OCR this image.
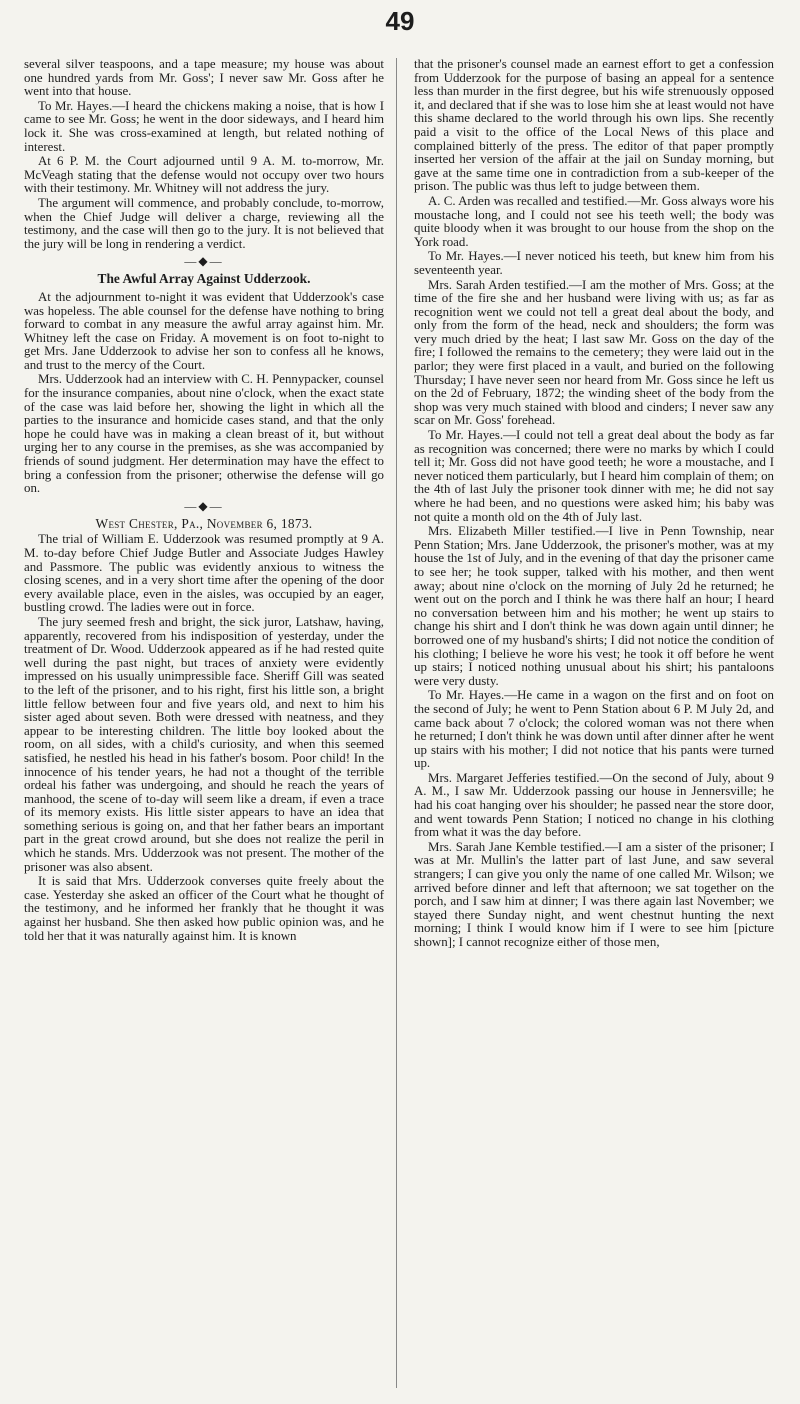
49

several silver teaspoons, and a tape measure; my house was about one hundred yards from Mr. Goss'; I never saw Mr. Goss after he went into that house.

To Mr. Hayes.—I heard the chickens making a noise, that is how I came to see Mr. Goss; he went in the door sideways, and I heard him lock it. She was cross-examined at length, but related nothing of interest.

At 6 P. M. the Court adjourned until 9 A. M. to-morrow, Mr. McVeagh stating that the defense would not occupy over two hours with their testimony. Mr. Whitney will not address the jury.

The argument will commence, and probably conclude, to-morrow, when the Chief Judge will deliver a charge, reviewing all the testimony, and the case will then go to the jury. It is not believed that the jury will be long in rendering a verdict.

—◆—
The Awful Array Against Udderzook.

At the adjournment to-night it was evident that Udderzook's case was hopeless. The able counsel for the defense have nothing to bring forward to combat in any measure the awful array against him. Mr. Whitney left the case on Friday. A movement is on foot to-night to get Mrs. Jane Udderzook to advise her son to confess all he knows, and trust to the mercy of the Court.

Mrs. Udderzook had an interview with C. H. Pennypacker, counsel for the insurance companies, about nine o'clock, when the exact state of the case was laid before her, showing the light in which all the parties to the insurance and homicide cases stand, and that the only hope he could have was in making a clean breast of it, but without urging her to any course in the premises, as she was accompanied by friends of sound judgment. Her determination may have the effect to bring a confession from the prisoner; otherwise the defense will go on.

—◆—
West Chester, Pa., November 6, 1873.

The trial of William E. Udderzook was resumed promptly at 9 A. M. to-day before Chief Judge Butler and Associate Judges Hawley and Passmore. The public was evidently anxious to witness the closing scenes, and in a very short time after the opening of the door every available place, even in the aisles, was occupied by an eager, bustling crowd. The ladies were out in force.

The jury seemed fresh and bright, the sick juror, Latshaw, having, apparently, recovered from his indisposition of yesterday, under the treatment of Dr. Wood. Udderzook appeared as if he had rested quite well during the past night, but traces of anxiety were evidently impressed on his usually unimpressible face. Sheriff Gill was seated to the left of the prisoner, and to his right, first his little son, a bright little fellow between four and five years old, and next to him his sister aged about seven. Both were dressed with neatness, and they appear to be interesting children. The little boy looked about the room, on all sides, with a child's curiosity, and when this seemed satisfied, he nestled his head in his father's bosom. Poor child! In the innocence of his tender years, he had not a thought of the terrible ordeal his father was undergoing, and should he reach the years of manhood, the scene of to-day will seem like a dream, if even a trace of its memory exists. His little sister appears to have an idea that something serious is going on, and that her father bears an important part in the great crowd around, but she does not realize the peril in which he stands. Mrs. Udderzook was not present. The mother of the prisoner was also absent.

It is said that Mrs. Udderzook converses quite freely about the case. Yesterday she asked an officer of the Court what he thought of the testimony, and he informed her frankly that he thought it was against her husband. She then asked how public opinion was, and he told her that it was naturally against him. It is known

that the prisoner's counsel made an earnest effort to get a confession from Udderzook for the purpose of basing an appeal for a sentence less than murder in the first degree, but his wife strenuously opposed it, and declared that if she was to lose him she at least would not have this shame declared to the world through his own lips. She recently paid a visit to the office of the Local News of this place and complained bitterly of the press. The editor of that paper promptly inserted her version of the affair at the jail on Sunday morning, but gave at the same time one in contradiction from a sub-keeper of the prison. The public was thus left to judge between them.

A. C. Arden was recalled and testified.—Mr. Goss always wore his moustache long, and I could not see his teeth well; the body was quite bloody when it was brought to our house from the shop on the York road.

To Mr. Hayes.—I never noticed his teeth, but knew him from his seventeenth year.

Mrs. Sarah Arden testified.—I am the mother of Mrs. Goss; at the time of the fire she and her husband were living with us; as far as recognition went we could not tell a great deal about the body, and only from the form of the head, neck and shoulders; the form was very much dried by the heat; I last saw Mr. Goss on the day of the fire; I followed the remains to the cemetery; they were laid out in the parlor; they were first placed in a vault, and buried on the following Thursday; I have never seen nor heard from Mr. Goss since he left us on the 2d of February, 1872; the winding sheet of the body from the shop was very much stained with blood and cinders; I never saw any scar on Mr. Goss' forehead.

To Mr. Hayes.—I could not tell a great deal about the body as far as recognition was concerned; there were no marks by which I could tell it; Mr. Goss did not have good teeth; he wore a moustache, and I never noticed them particularly, but I heard him complain of them; on the 4th of last July the prisoner took dinner with me; he did not say where he had been, and no questions were asked him; his baby was not quite a month old on the 4th of July last.

Mrs. Elizabeth Miller testified.—I live in Penn Township, near Penn Station; Mrs. Jane Udderzook, the prisoner's mother, was at my house the 1st of July, and in the evening of that day the prisoner came to see her; he took supper, talked with his mother, and then went away; about nine o'clock on the morning of July 2d he returned; he went out on the porch and I think he was there half an hour; I heard no conversation between him and his mother; he went up stairs to change his shirt and I don't think he was down again until dinner; he borrowed one of my husband's shirts; I did not notice the condition of his clothing; I believe he wore his vest; he took it off before he went up stairs; I noticed nothing unusual about his shirt; his pantaloons were very dusty.

To Mr. Hayes.—He came in a wagon on the first and on foot on the second of July; he went to Penn Station about 6 P. M July 2d, and came back about 7 o'clock; the colored woman was not there when he returned; I don't think he was down until after dinner after he went up stairs with his mother; I did not notice that his pants were turned up.

Mrs. Margaret Jefferies testified.—On the second of July, about 9 A. M., I saw Mr. Udderzook passing our house in Jennersville; he had his coat hanging over his shoulder; he passed near the store door, and went towards Penn Station; I noticed no change in his clothing from what it was the day before.

Mrs. Sarah Jane Kemble testified.—I am a sister of the prisoner; I was at Mr. Mullin's the latter part of last June, and saw several strangers; I can give you only the name of one called Mr. Wilson; we arrived before dinner and left that afternoon; we sat together on the porch, and I saw him at dinner; I was there again last November; we stayed there Sunday night, and went chestnut hunting the next morning; I think I would know him if I were to see him [picture shown]; I cannot recognize either of those men,
